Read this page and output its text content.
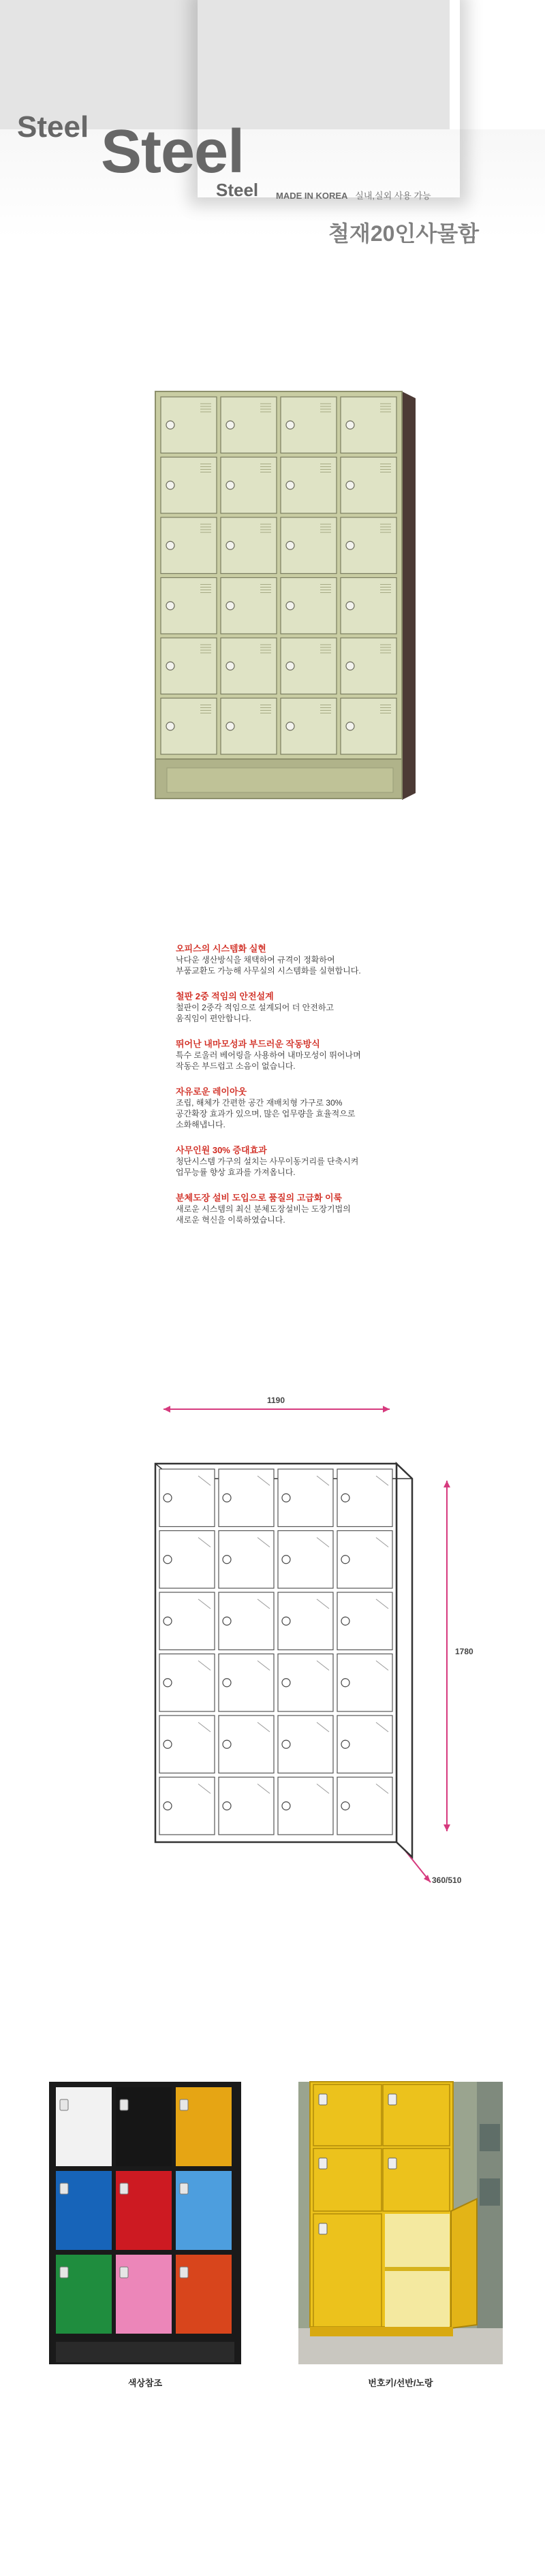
Steel Steel
Steel MADE IN KOREA 실내,실외 사용 가능
철재20인사물함
오피스의 시스템화 실현
낙다운 생산방식을 채택하여 규격이 정확하여
부품교환도 가능해 사무실의 시스템화를 실현합니다.
철판 2중 적임의 안전설계
철판이 2중각 적임으로 설계되어 더 안전하고
움직임이 편안합니다.
뛰어난 내마모성과 부드러운 작동방식
특수 로울러 베어링을 사용하여 내마모성이 뛰어나며
작동은 부드럽고 소음이 없습니다.
자유로운 레이아웃
조립, 해체가 간편한 공간 재배치형 가구로 30%
공간확장 효과가 있으며, 많은 업무량을 효율적으로
소화해냅니다.
사무인원 30% 증대효과
청단시스템 가구의 설치는 사무이동거리를 단축시켜
업무능률 향상 효과를 가져옵니다.
분체도장 설비 도입으로 품질의 고급화 이룩
새로운 시스템의 최신 분체도장설비는 도장기법의
새로운 혁신을 이룩하였습니다.
1190
1780
360/510
색상참조	번호키/선반/노랑
